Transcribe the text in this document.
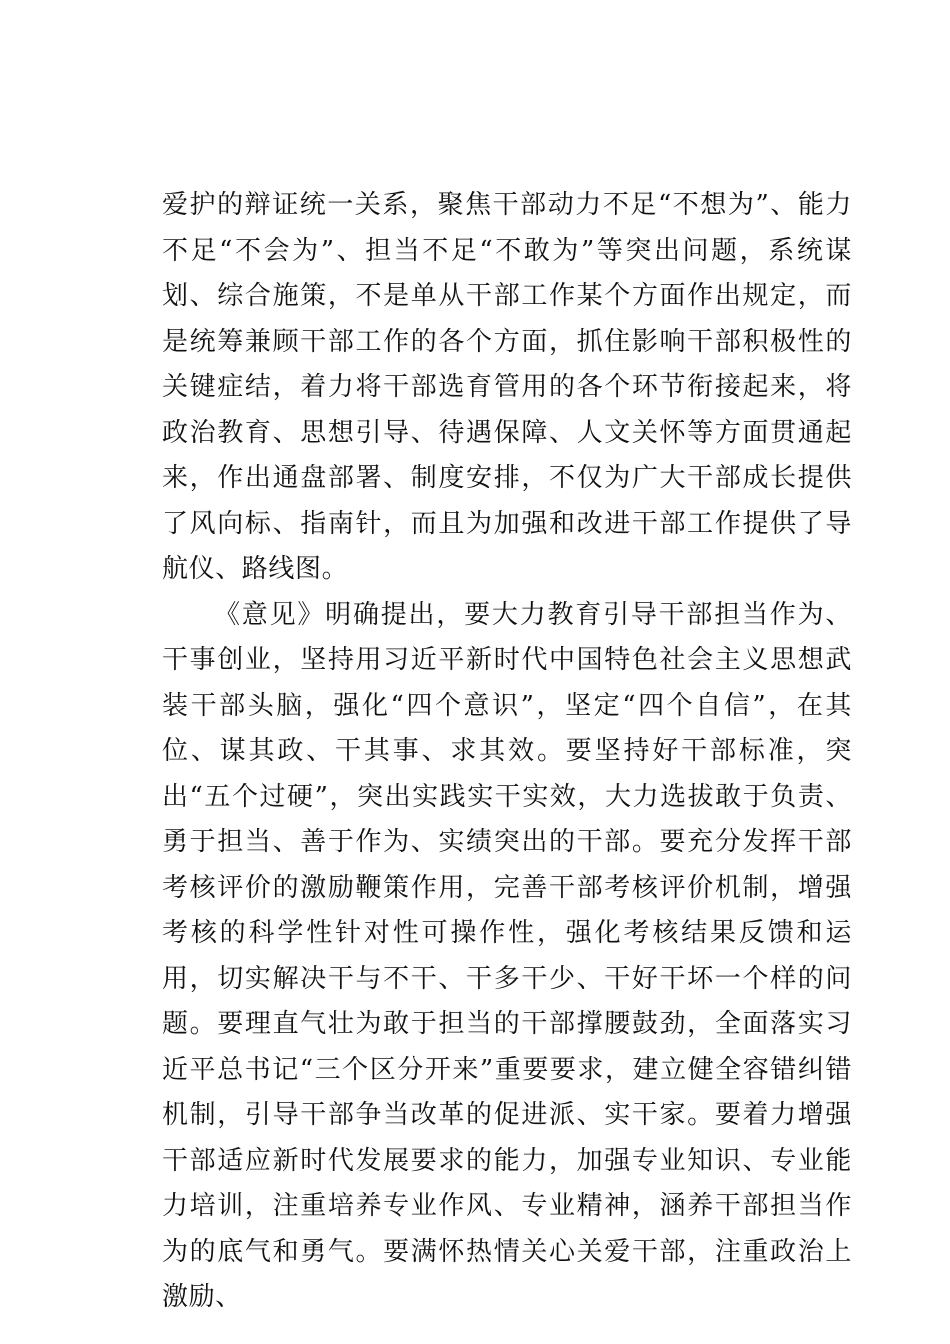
爱护的辩证统一关系，聚焦干部动力不足“不想为”、能力不足“不会为”、担当不足“不敢为”等突出问题，系统谋划、综合施策，不是单从干部工作某个方面作出规定，而是统筹兼顾干部工作的各个方面，抓住影响干部积极性的关键症结，着力将干部选育管用的各个环节衔接起来，将政治教育、思想引导、待遇保障、人文关怀等方面贯通起来，作出通盘部署、制度安排，不仅为广大干部成长提供了风向标、指南针，而且为加强和改进干部工作提供了导航仪、路线图。

《意见》明确提出，要大力教育引导干部担当作为、干事创业，坚持用习近平新时代中国特色社会主义思想武装干部头脑，强化“四个意识”，坚定“四个自信”，在其位、谋其政、干其事、求其效。要坚持好干部标准，突出“五个过硬”，突出实践实干实效，大力选拔敢于负责、勇于担当、善于作为、实绩突出的干部。要充分发挥干部考核评价的激励鞭策作用，完善干部考核评价机制，增强考核的科学性针对性可操作性，强化考核结果反馈和运用，切实解决干与不干、干多干少、干好干坏一个样的问题。要理直气壮为敢于担当的干部撑腰鼓劲，全面落实习近平总书记“三个区分开来”重要要求，建立健全容错纠错机制，引导干部争当改革的促进派、实干家。要着力增强干部适应新时代发展要求的能力，加强专业知识、专业能力培训，注重培养专业作风、专业精神，涵养干部担当作为的底气和勇气。要满怀热情关心关爱干部，注重政治上激励、
